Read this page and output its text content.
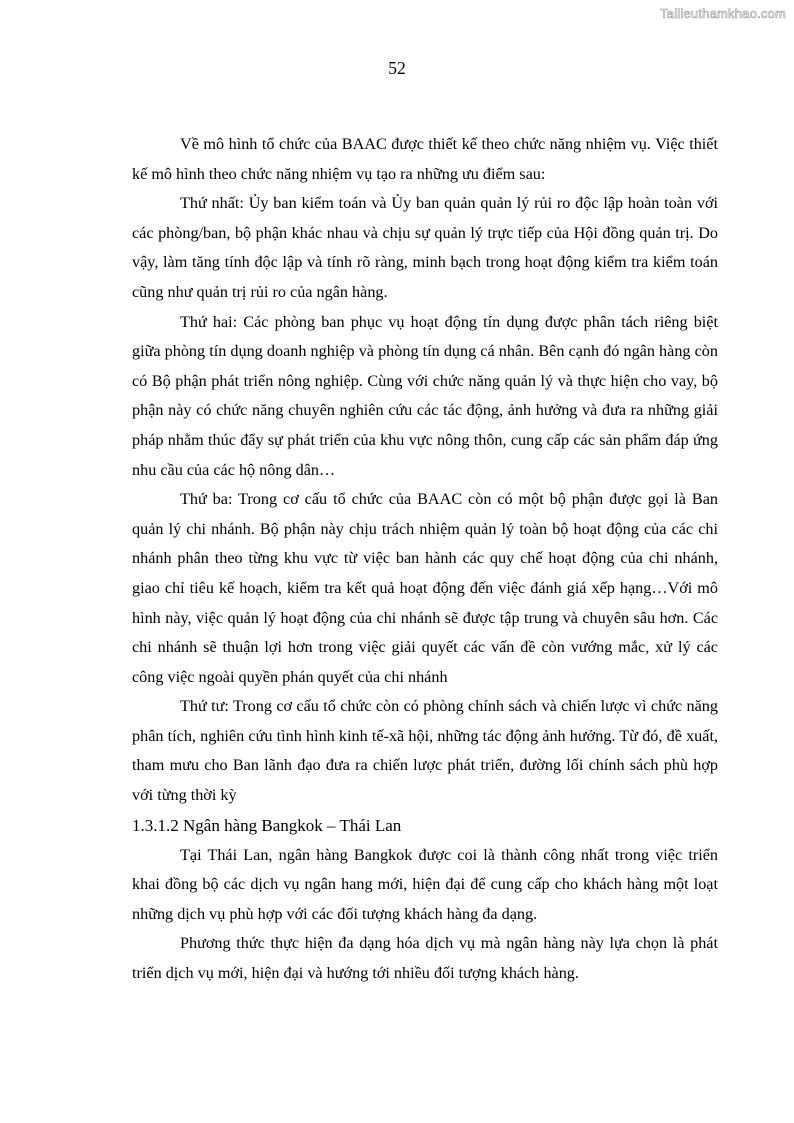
Tailieuthamkhao.com
52

Về mô hình tổ chức của BAAC được thiết kế theo chức năng nhiệm vụ. Việc thiết kế mô hình theo chức năng nhiệm vụ tạo ra những ưu điểm sau:

Thứ nhất: Ủy ban kiểm toán và Ủy ban quản quản lý rủi ro độc lập hoàn toàn với các phòng/ban, bộ phận khác nhau và chịu sự quản lý trực tiếp của Hội đồng quản trị. Do vậy, làm tăng tính độc lập và tính rõ ràng, minh bạch trong hoạt động kiểm tra kiểm toán cũng như quản trị rủi ro của ngân hàng.

Thứ hai: Các phòng ban phục vụ hoạt động tín dụng được phân tách riêng biệt giữa phòng tín dụng doanh nghiệp và phòng tín dụng cá nhân. Bên cạnh đó ngân hàng còn có Bộ phận phát triển nông nghiệp. Cùng với chức năng quản lý và thực hiện cho vay, bộ phận này có chức năng chuyên nghiên cứu các tác động, ảnh hưởng và đưa ra những giải pháp nhằm thúc đẩy sự phát triển của khu vực nông thôn, cung cấp các sản phẩm đáp ứng nhu cầu của các hộ nông dân…

Thứ ba: Trong cơ cấu tổ chức của BAAC còn có một bộ phận được gọi là Ban quản lý chi nhánh. Bộ phận này chịu trách nhiệm quản lý toàn bộ hoạt động của các chi nhánh phân theo từng khu vực từ việc ban hành các quy chế hoạt động của chi nhánh, giao chỉ tiêu kế hoạch, kiểm tra kết quả hoạt động đến việc đánh giá xếp hạng…Với mô hình này, việc quản lý hoạt động của chi nhánh sẽ được tập trung và chuyên sâu hơn. Các chi nhánh sẽ thuận lợi hơn trong việc giải quyết các vấn đề còn vướng mắc, xử lý các công việc ngoài quyền phán quyết của chi nhánh

Thứ tư: Trong cơ cấu tổ chức còn có phòng chính sách và chiến lược vì chức năng phân tích, nghiên cứu tình hình kinh tế-xã hội, những tác động ảnh hưởng. Từ đó, đề xuất, tham mưu cho Ban lãnh đạo đưa ra chiến lược phát triển, đường lối chính sách phù hợp với từng thời kỳ

1.3.1.2 Ngân hàng Bangkok – Thái Lan

Tại Thái Lan, ngân hàng Bangkok được coi là thành công nhất trong việc triển khai đồng bộ các dịch vụ ngân hang mới, hiện đại để cung cấp cho khách hàng một loạt những dịch vụ phù hợp với các đối tượng khách hàng đa dạng.

Phương thức thực hiện đa dạng hóa dịch vụ mà ngân hàng này lựa chọn là phát triển dịch vụ mới, hiện đại và hướng tới nhiều đối tượng khách hàng.
